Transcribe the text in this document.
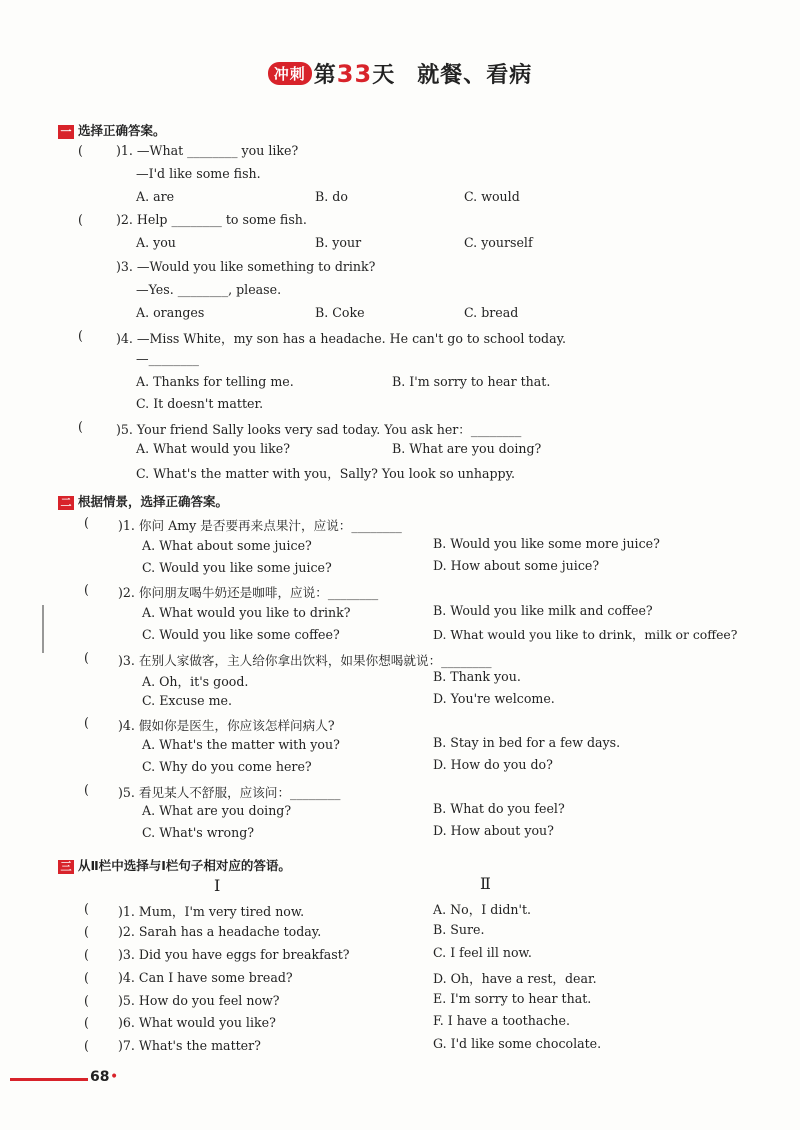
冲刺 第33天 就餐、看病
一 选择正确答案。
(	)1. —What ________ you like?
—I'd like some fish.
A. are	B. do	C. would
(	)2. Help ________ to some fish.
A. you	B. your	C. yourself
)3. —Would you like something to drink?
—Yes. ________, please.
A. oranges	B. Coke	C. bread
(	)4. —Miss White，my son has a headache. He can't go to school today.
—________
A. Thanks for telling me.	B. I'm sorry to hear that.
C. It doesn't matter.
(	)5. Your friend Sally looks very sad today. You ask her：________
A. What would you like?	B. What are you doing?
C. What's the matter with you，Sally? You look so unhappy.
二 根据情景，选择正确答案。
( )1. 你问 Amy 是否要再来点果汁，应说：________
A. What about some juice?	B. Would you like some more juice?
C. Would you like some juice?	D. How about some juice?
( )2. 你问朋友喝牛奶还是咖啡，应说：________
A. What would you like to drink?	B. Would you like milk and coffee?
C. Would you like some coffee?	D. What would you like to drink，milk or coffee?
( )3. 在别人家做客，主人给你拿出饮料，如果你想喝就说：________
A. Oh，it's good.	B. Thank you.
C. Excuse me.	D. You're welcome.
( )4. 假如你是医生，你应该怎样问病人?
A. What's the matter with you?	B. Stay in bed for a few days.
C. Why do you come here?	D. How do you do?
( )5. 看见某人不舒服，应该问：________
A. What are you doing?	B. What do you feel?
C. What's wrong?	D. How about you?
三 从Ⅱ栏中选择与Ⅰ栏句子相对应的答语。
Ⅰ	Ⅱ
( )1. Mum，I'm very tired now.	A. No，I didn't.
( )2. Sarah has a headache today.	B. Sure.
( )3. Did you have eggs for breakfast?	C. I feel ill now.
( )4. Can I have some bread?	D. Oh，have a rest，dear.
( )5. How do you feel now?	E. I'm sorry to hear that.
( )6. What would you like?	F. I have a toothache.
( )7. What's the matter?	G. I'd like some chocolate.
68 •
